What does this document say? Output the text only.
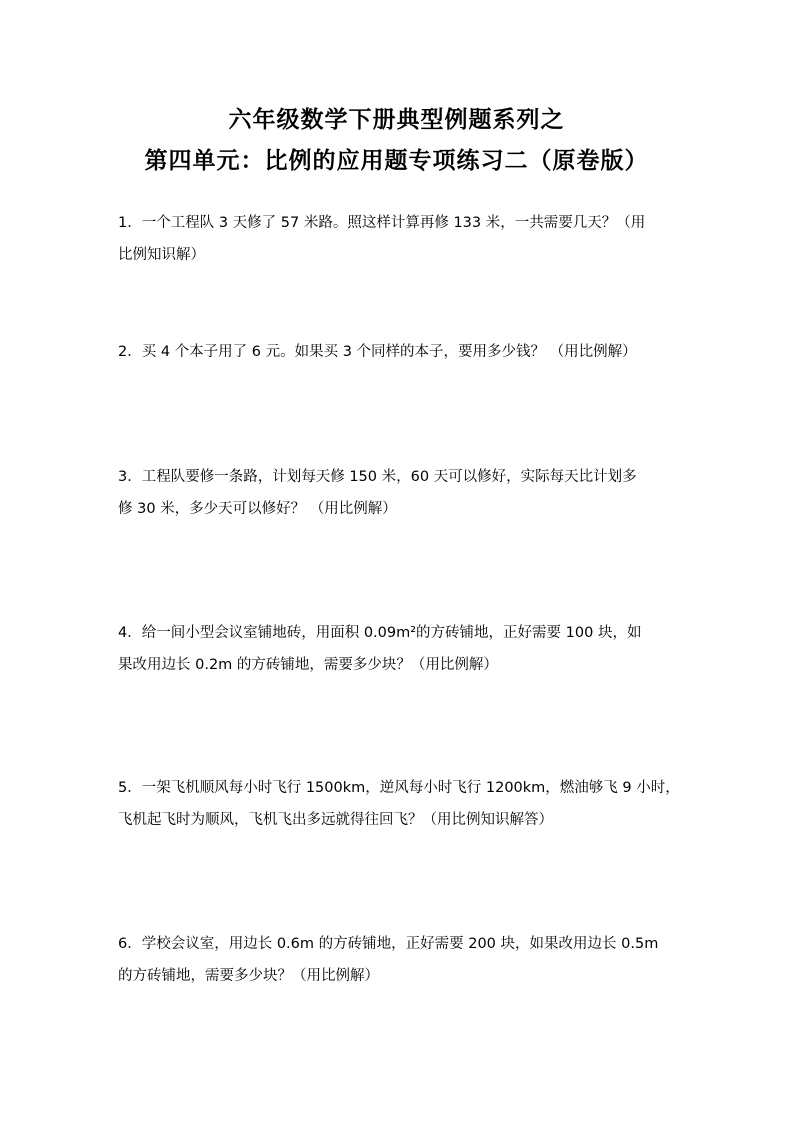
六年级数学下册典型例题系列之
第四单元：比例的应用题专项练习二（原卷版）
1．一个工程队 3 天修了 57 米路。照这样计算再修 133 米，一共需要几天？（用
比例知识解）
2．买 4 个本子用了 6 元。如果买 3 个同样的本子，要用多少钱？ （用比例解）
3．工程队要修一条路，计划每天修 150 米，60 天可以修好，实际每天比计划多
修 30 米，多少天可以修好？ （用比例解）
4．给一间小型会议室铺地砖，用面积 0.09m²的方砖铺地，正好需要 100 块，如
果改用边长 0.2m 的方砖铺地，需要多少块？（用比例解）
5．一架飞机顺风每小时飞行 1500km，逆风每小时飞行 1200km，燃油够飞 9 小时，
飞机起飞时为顺风，飞机飞出多远就得往回飞？（用比例知识解答）
6．学校会议室，用边长 0.6m 的方砖铺地，正好需要 200 块，如果改用边长 0.5m
的方砖铺地，需要多少块？（用比例解）
